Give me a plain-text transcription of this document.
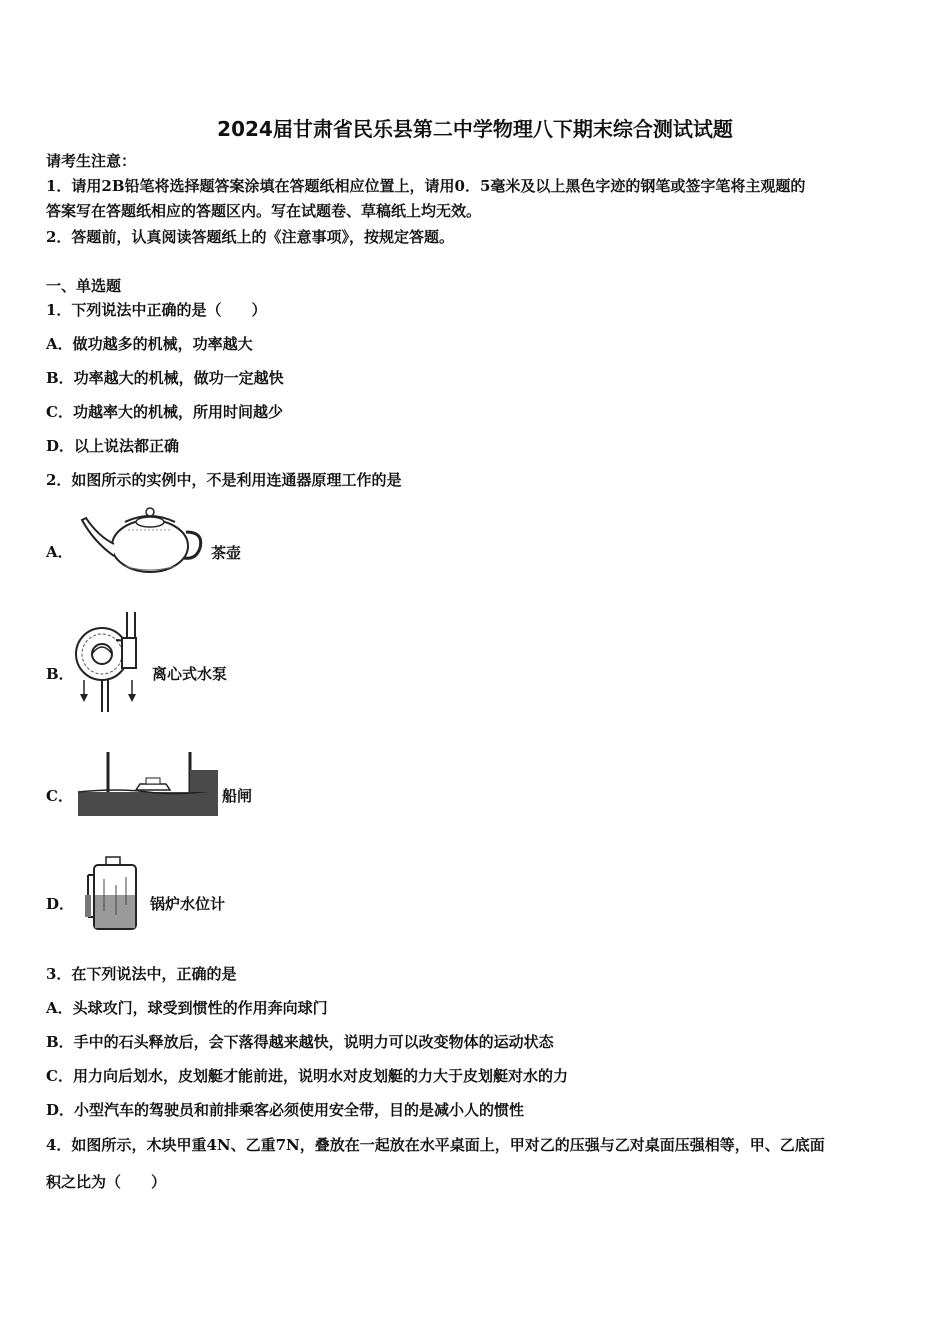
2024届甘肃省民乐县第二中学物理八下期末综合测试试题
请考生注意：
1．请用2B铅笔将选择题答案涂填在答题纸相应位置上，请用0．5毫米及以上黑色字迹的钢笔或签字笔将主观题的
答案写在答题纸相应的答题区内。写在试题卷、草稿纸上均无效。
2．答题前，认真阅读答题纸上的《注意事项》，按规定答题。
一、单选题
1．下列说法中正确的是（　　）
A．做功越多的机械，功率越大
B．功率越大的机械，做功一定越快
C．功越率大的机械，所用时间越少
D．以上说法都正确
2．如图所示的实例中，不是利用连通器原理工作的是
A．	茶壶
B．	离心式水泵
C．	船闸
D．	锅炉水位计
3．在下列说法中，正确的是
A．头球攻门，球受到惯性的作用奔向球门
B．手中的石头释放后，会下落得越来越快，说明力可以改变物体的运动状态
C．用力向后划水，皮划艇才能前进，说明水对皮划艇的力大于皮划艇对水的力
D．小型汽车的驾驶员和前排乘客必须使用安全带，目的是减小人的惯性
4．如图所示，木块甲重4N、乙重7N，叠放在一起放在水平桌面上，甲对乙的压强与乙对桌面压强相等，甲、乙底面
积之比为（　　）
